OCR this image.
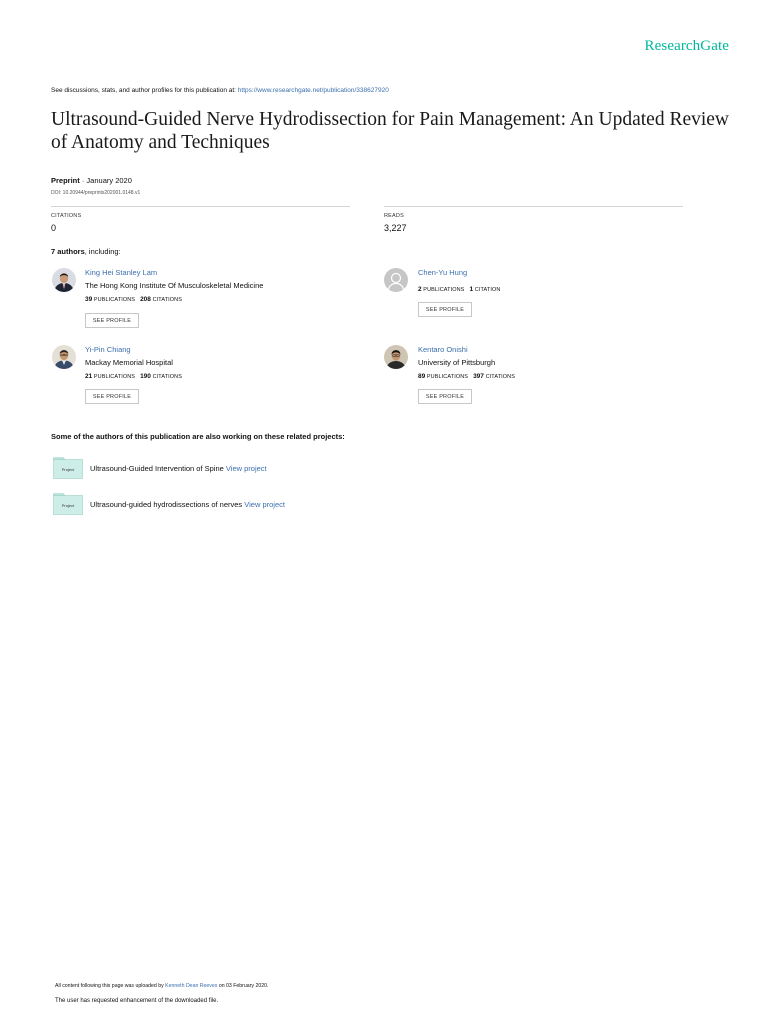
ResearchGate
See discussions, stats, and author profiles for this publication at: https://www.researchgate.net/publication/338627920
Ultrasound-Guided Nerve Hydrodissection for Pain Management: An Updated Review of Anatomy and Techniques
Preprint · January 2020
DOI: 10.20944/preprints202001.0148.v1
CITATIONS
0
READS
3,227
7 authors, including:
King Hei Stanley Lam
The Hong Kong Institute Of Musculoskeletal Medicine
39 PUBLICATIONS 208 CITATIONS
SEE PROFILE
Chen-Yu Hung
2 PUBLICATIONS 1 CITATION
SEE PROFILE
Yi-Pin Chiang
Mackay Memorial Hospital
21 PUBLICATIONS 190 CITATIONS
SEE PROFILE
Kentaro Onishi
University of Pittsburgh
89 PUBLICATIONS 397 CITATIONS
SEE PROFILE
Some of the authors of this publication are also working on these related projects:
Project Ultrasound-Guided Intervention of Spine View project
Project Ultrasound-guided hydrodissections of nerves View project
All content following this page was uploaded by Kenneth Dean Reeves on 03 February 2020.
The user has requested enhancement of the downloaded file.
